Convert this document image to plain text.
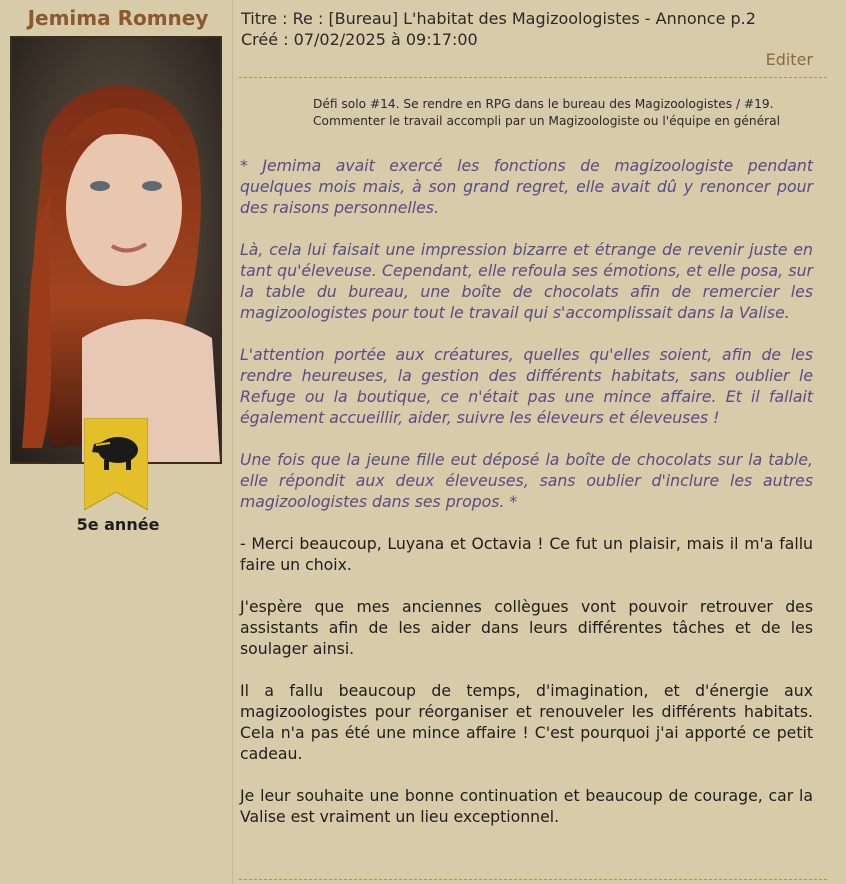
Jemima Romney
5e année
Titre : Re : [Bureau] L'habitat des Magizoologistes - Annonce p.2
Créé : 07/02/2025 à 09:17:00
Editer
Défi solo #14. Se rendre en RPG dans le bureau des Magizoologistes / #19.
Commenter le travail accompli par un Magizoologiste ou l'équipe en général

* Jemima avait exercé les fonctions de magizoologiste pendant quelques mois mais, à son grand regret, elle avait dû y renoncer pour des raisons personnelles.

Là, cela lui faisait une impression bizarre et étrange de revenir juste en tant qu'éleveuse. Cependant, elle refoula ses émotions, et elle posa, sur la table du bureau, une boîte de chocolats afin de remercier les magizoologistes pour tout le travail qui s'accomplissait dans la Valise.

L'attention portée aux créatures, quelles qu'elles soient, afin de les rendre heureuses, la gestion des différents habitats, sans oublier le Refuge ou la boutique, ce n'était pas une mince affaire. Et il fallait également accueillir, aider, suivre les éleveurs et éleveuses !

Une fois que la jeune fille eut déposé la boîte de chocolats sur la table, elle répondit aux deux éleveuses, sans oublier d'inclure les autres magizoologistes dans ses propos. *

- Merci beaucoup, Luyana et Octavia ! Ce fut un plaisir, mais il m'a fallu faire un choix.

J'espère que mes anciennes collègues vont pouvoir retrouver des assistants afin de les aider dans leurs différentes tâches et de les soulager ainsi.

Il a fallu beaucoup de temps, d'imagination, et d'énergie aux magizoologistes pour réorganiser et renouveler les différents habitats. Cela n'a pas été une mince affaire ! C'est pourquoi j'ai apporté ce petit cadeau.

Je leur souhaite une bonne continuation et beaucoup de courage, car la Valise est vraiment un lieu exceptionnel.
